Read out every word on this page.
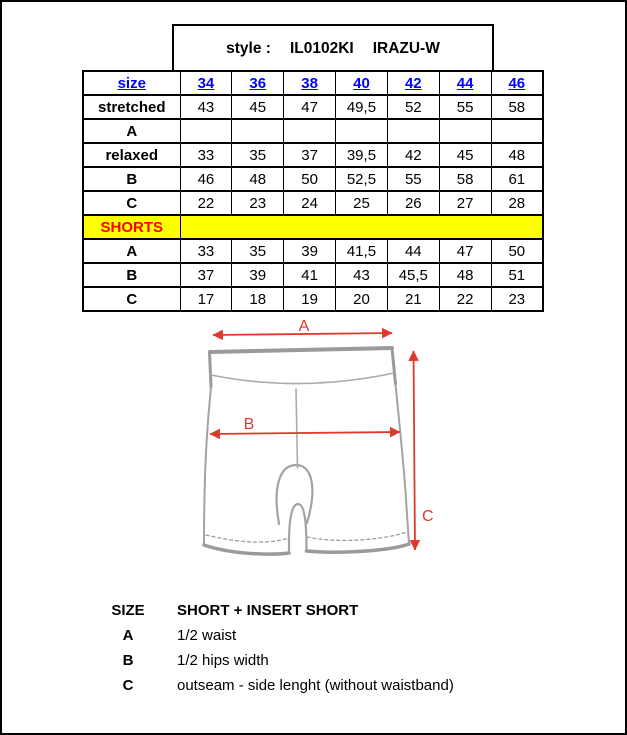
style : IL0102KI IRAZU-W
size	34	36	38	40	42	44	46
stretched	43	45	47	49,5	52	55	58
A							
relaxed	33	35	37	39,5	42	45	48
B	46	48	50	52,5	55	58	61
C	22	23	24	25	26	27	28
SHORTS							
A	33	35	39	41,5	44	47	50
B	37	39	41	43	45,5	48	51
C	17	18	19	20	21	22	23
A
B
C
SIZE	SHORT + INSERT SHORT
A	1/2 waist
B	1/2 hips width
C	outseam - side lenght (without waistband)
